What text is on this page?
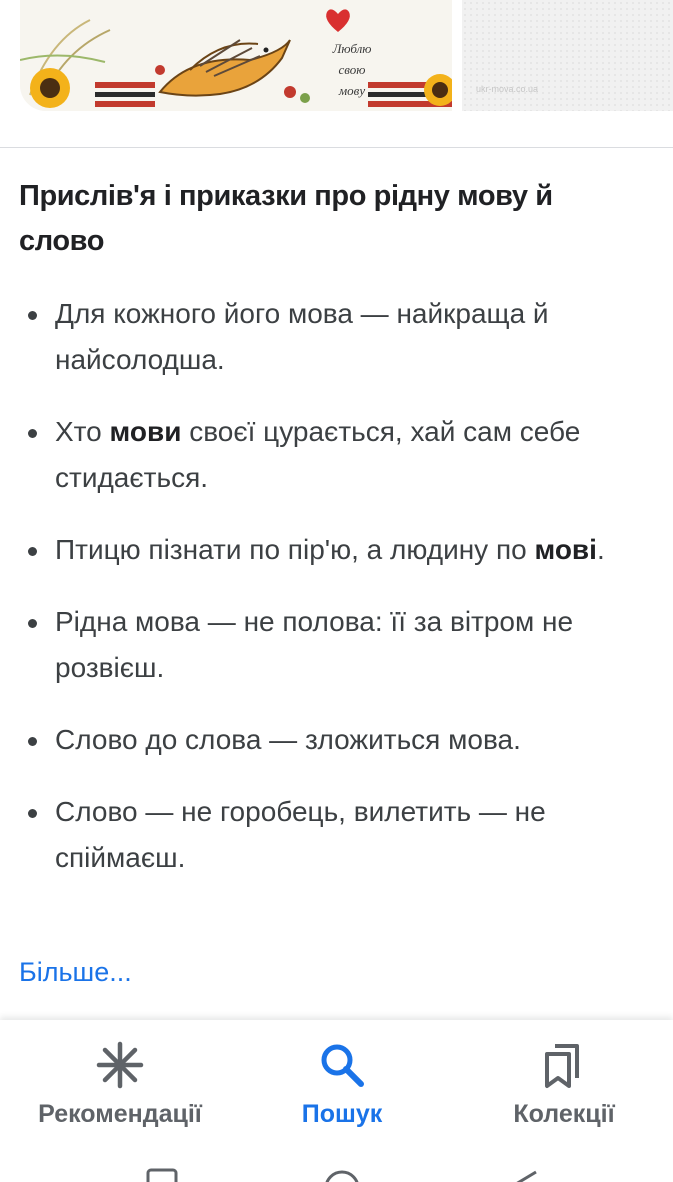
Люблю
свою
мову	ukr-mova.co.ua
Прислів'я і приказки про рідну мову й слово
Для кожного його мова — найкраща й найсолодша.
Хто мови своєї цурається, хай сам себе стидається.
Птицю пізнати по пір'ю, а людину по мові.
Рідна мова — не полова: її за вітром не розвієш.
Слово до слова — зложиться мова.
Слово — не горобець, вилетить — не спіймаєш.
Більше...
Рекомендації	Пошук	Колекції
